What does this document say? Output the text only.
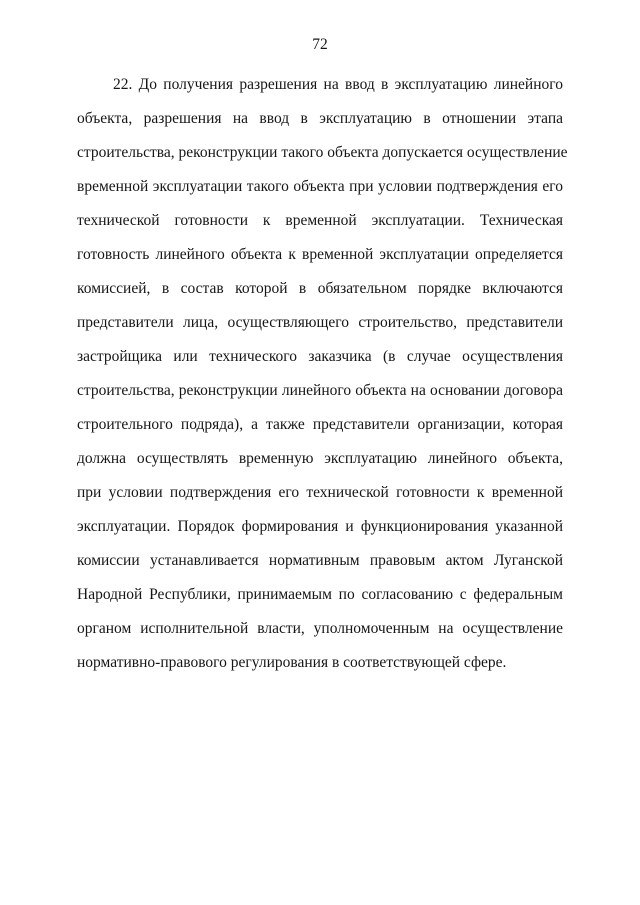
72
22. До получения разрешения на ввод в эксплуатацию линейного
объекта, разрешения на ввод в эксплуатацию в отношении этапа
строительства, реконструкции такого объекта допускается осуществление
временной эксплуатации такого объекта при условии подтверждения его
технической готовности к временной эксплуатации. Техническая
готовность линейного объекта к временной эксплуатации определяется
комиссией, в состав которой в обязательном порядке включаются
представители лица, осуществляющего строительство, представители
застройщика или технического заказчика (в случае осуществления
строительства, реконструкции линейного объекта на основании договора
строительного подряда), а также представители организации, которая
должна осуществлять временную эксплуатацию линейного объекта,
при условии подтверждения его технической готовности к временной
эксплуатации. Порядок формирования и функционирования указанной
комиссии устанавливается нормативным правовым актом Луганской
Народной Республики, принимаемым по согласованию с федеральным
органом исполнительной власти, уполномоченным на осуществление
нормативно-правового регулирования в соответствующей сфере.
